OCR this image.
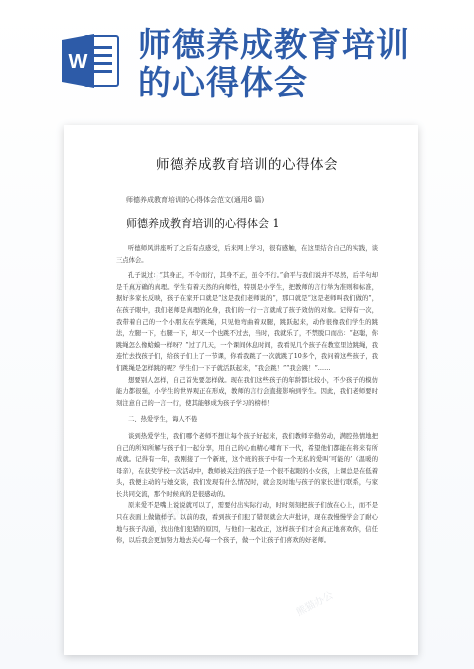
W 师德养成教育培训
的心得体会
熊猫办公
熊猫办公
熊猫办公
熊猫办公
师德养成教育培训的心得体会
师德养成教育培训的心得体会范文(通用8 篇)
师德养成教育培训的心得体会 1

听德师风讲座听了之后有点感受，后来网上学习，很有感触，在这里结合自己的实践，谈三点体会。

孔子说过：“其身正，不令而行，其身不正，虽令不行。”俞平与我们说并不尽然，后半句却是千真万确的真理。学生有着天然的向师性，特别是小学生，把教师的言行举为准则和标准，据好多家长反映，孩子在家开口就是“这是我们老师说的”，那口就是“这是老师叫我们做的”，在孩子眼中，我们老师是真理的化身，我们的一行一言就成了孩子效仿的对象。记得有一次，我带着自己的一个小朋友在学跳绳，只见他弯曲着双腿，跳跃起来，动作很像我们学生的跳法，左腿一下，右腿一下，却又一个也跳不过去，当时，我就乐了，不禁脱口而出：“赵聪，你跳绳怎么像蛤蟆一样呀？”过了几天，一个课间休息时间，我看见几个孩子在教室里边跳绳，我连忙去找孩子们，给孩子们上了一节课，你看我跳了一次就跳了10多个，我问着这些孩子，我们跳绳是怎样跳的呢？学生们一下子就活跃起来，“我会跳！”“我会跳！”……

想要别人怎样，自己首先要怎样做。现在我们这些孩子的年龄都比较小，不少孩子的模仿能力都很强，小学生的世界观正在形成，教师的言行会直接影响到学生。因此，我们老师要时刻注意自己的一言一行，使其能够成为孩子学习的榜样！

二、热爱学生，诲人不倦

谈到热爱学生，我们哪个老师不想让每个孩子好起来，我们教师辛勤劳动，满腔热情地把自己的所知所解与孩子们一起分享，用自己的心血精心哺育下一代，希望他们都能在将来有所成就。记得有一年，我刚接了一个新班，这个班的孩子中有一个无私的爱叫‘可能的’（温暖的母亲），在获奖学校一次活动中，教师被关注的孩子是一个很不起眼的小女孩，上课总是在低着头，我便主动的与她交谈，我们发现有什么情况时，就会及时地与孩子的家长进行联系，与家长共同交流，那个时候真的是很感动的。

原来爱不是嘴上说说就可以了，需要付出实际行动，时时刻刻把孩子们放在心上，而不是只在表面上做做样子。以前的我，看到孩子们犯了错误就会大声批评，现在我慢慢学会了耐心地与孩子沟通，找出他们犯错的原因，与他们一起改正，这样孩子们才会真正地喜欢你，信任你，以后我会更加努力地去关心每一个孩子，做一个让孩子们喜欢的好老师。
